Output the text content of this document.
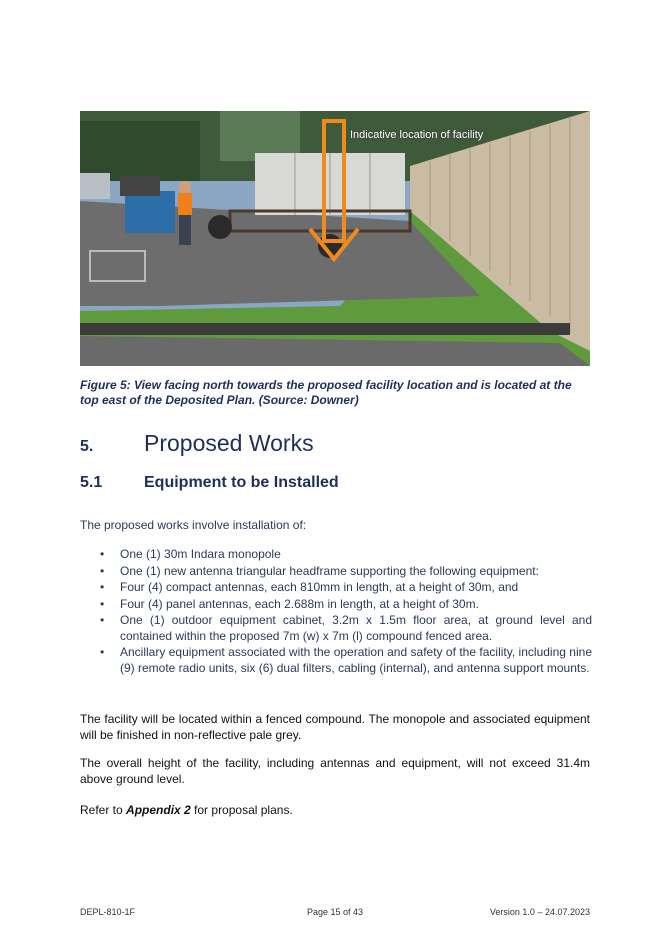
Indicative location of facility
Figure 5: View facing north towards the proposed facility location and is located at the top east of the Deposited Plan. (Source: Downer)
5. Proposed Works
5.1	Equipment to be Installed
The proposed works involve installation of:
• One (1) 30m Indara monopole
• One (1) new antenna triangular headframe supporting the following equipment:
• Four (4) compact antennas, each 810mm in length, at a height of 30m, and
• Four (4) panel antennas, each 2.688m in length, at a height of 30m.
• One (1) outdoor equipment cabinet, 3.2m x 1.5m floor area, at ground level and contained within the proposed 7m (w) x 7m (l) compound fenced area.
• Ancillary equipment associated with the operation and safety of the facility, including nine (9) remote radio units, six (6) dual filters, cabling (internal), and antenna support mounts.
The facility will be located within a fenced compound. The monopole and associated equipment will be finished in non-reflective pale grey.
The overall height of the facility, including antennas and equipment, will not exceed 31.4m above ground level.
Refer to Appendix 2 for proposal plans.
DEPL-810-1F	Page 15 of 43	Version 1.0 – 24.07.2023
